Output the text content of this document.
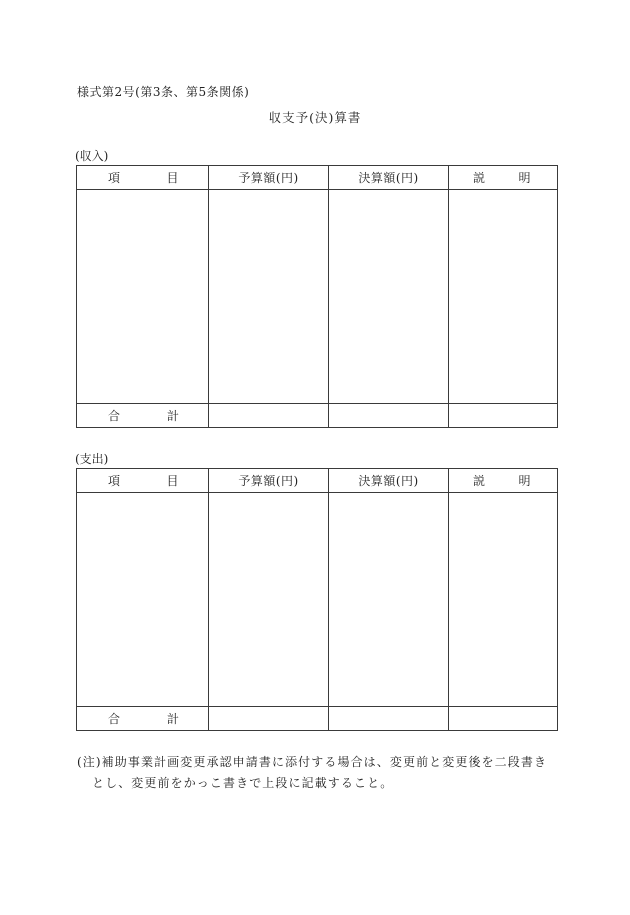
様式第2号(第3条、第5条関係)
収支予(決)算書
(収入)
項 目	予算額(円)	決算額(円)	説 明

合 計			

(支出)
項 目	予算額(円)	決算額(円)	説 明

合 計			

(注)補助事業計画変更承認申請書に添付する場合は、変更前と変更後を二段書き
とし、変更前をかっこ書きで上段に記載すること。
